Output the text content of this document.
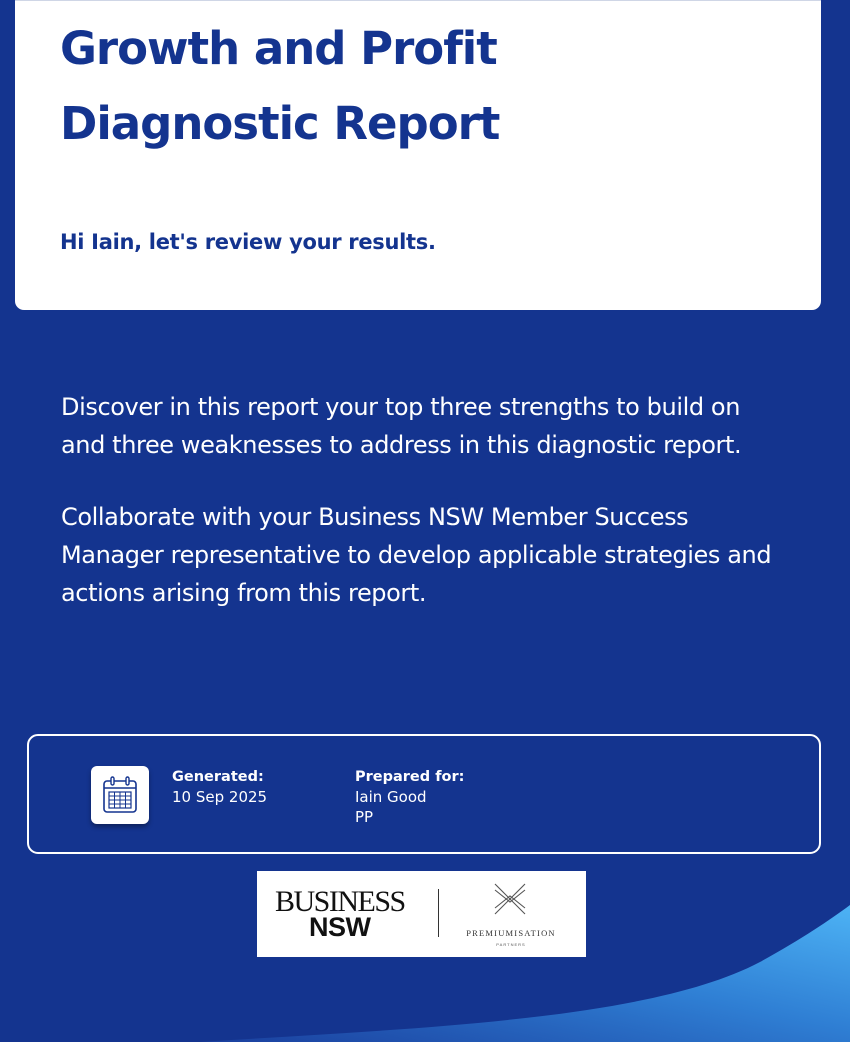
Growth and Profit
Diagnostic Report

Hi Iain, let's review your results.

Discover in this report your top three strengths to build on and three weaknesses to address in this diagnostic report.

Collaborate with your Business NSW Member Success Manager representative to develop applicable strategies and actions arising from this report.

Generated:
10 Sep 2025
Prepared for:
Iain Good
PP
BUSINESS
NSW	PREMIUMISATION
PARTNERS
